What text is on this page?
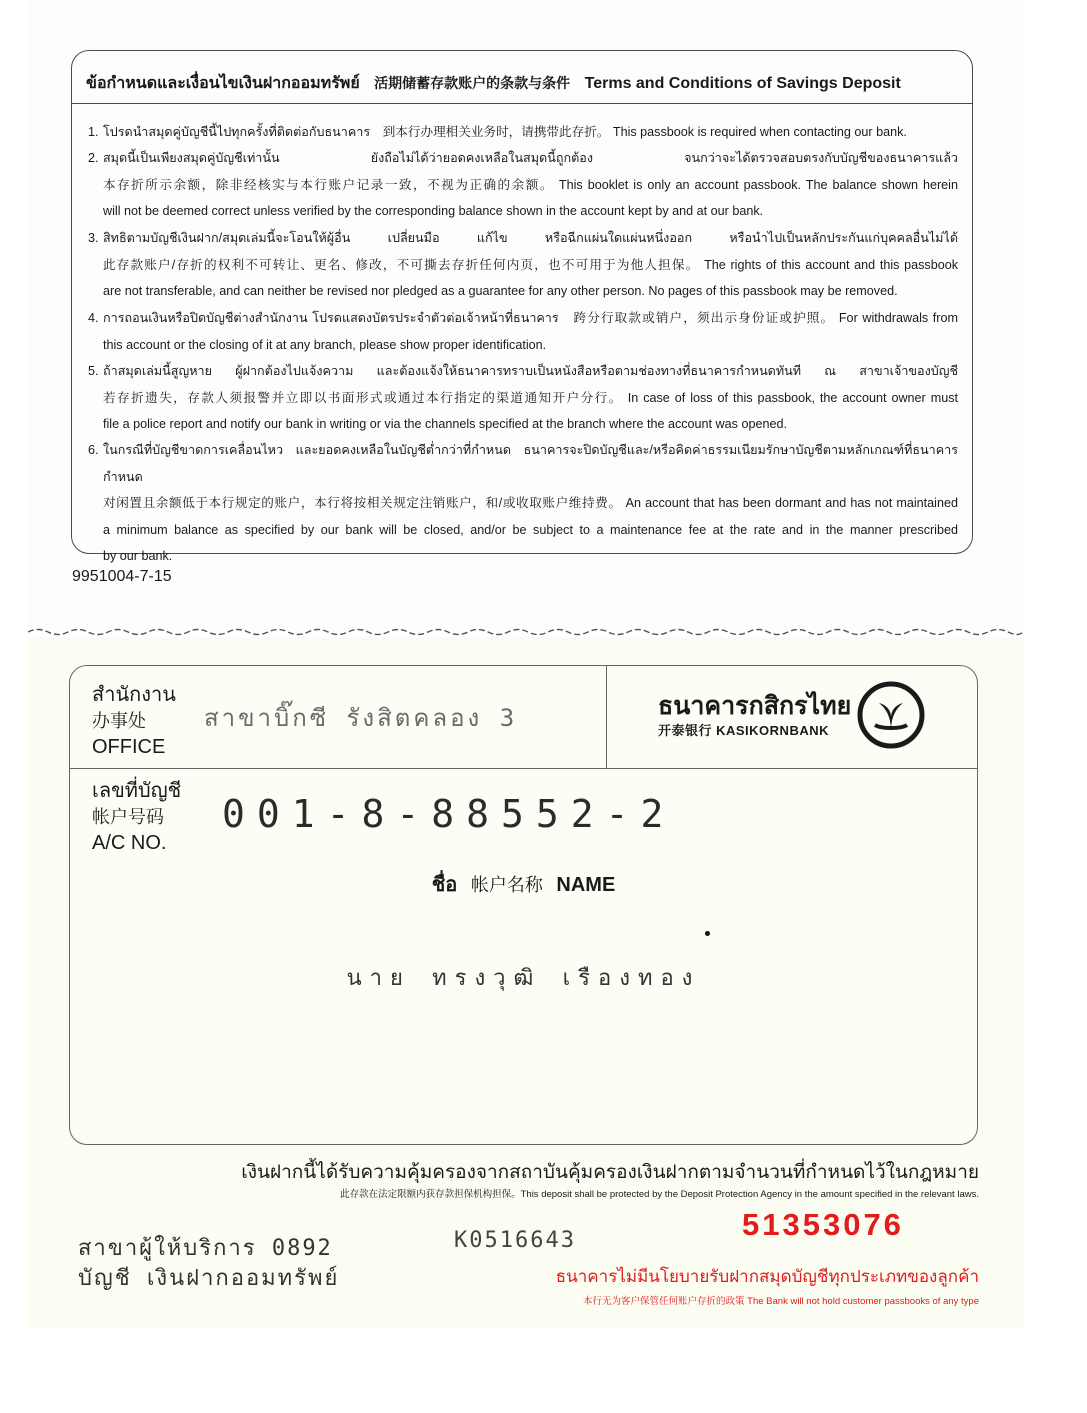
ข้อกำหนดและเงื่อนไขเงินฝากออมทรัพย์ 活期储蓄存款账户的条款与条件 Terms and Conditions of Savings Deposit
1. โปรดนำสมุดคู่บัญชีนี้ไปทุกครั้งที่ติดต่อกับธนาคาร　到本行办理相关业务时，请携带此存折。 This passbook is required when contacting our bank.
2. สมุดนี้เป็นเพียงสมุดคู่บัญชีเท่านั้น ยังถือไม่ได้ว่ายอดคงเหลือในสมุดนี้ถูกต้อง จนกว่าจะได้ตรวจสอบตรงกับบัญชีของธนาคารแล้ว
本存折所示余额，除非经核实与本行账户记录一致，不视为正确的余额。 This booklet is only an account passbook. The balance shown herein
will not be deemed correct unless verified by the corresponding balance shown in the account kept by and at our bank.
3. สิทธิตามบัญชีเงินฝาก/สมุดเล่มนี้จะโอนให้ผู้อื่น เปลี่ยนมือ แก้ไข หรือฉีกแผ่นใดแผ่นหนึ่งออก หรือนำไปเป็นหลักประกันแก่บุคคลอื่นไม่ได้
此存款账户/存折的权利不可转让、更名、修改，不可撕去存折任何内页，也不可用于为他人担保。 The rights of this account and this passbook
are not transferable, and can neither be revised nor pledged as a guarantee for any other person. No pages of this passbook may be removed.
4. การถอนเงินหรือปิดบัญชีต่างสำนักงาน โปรดแสดงบัตรประจำตัวต่อเจ้าหน้าที่ธนาคาร　跨分行取款或销户，须出示身份证或护照。 For withdrawals from
this account or the closing of it at any branch, please show proper identification.
5. ถ้าสมุดเล่มนี้สูญหาย ผู้ฝากต้องไปแจ้งความ และต้องแจ้งให้ธนาคารทราบเป็นหนังสือหรือตามช่องทางที่ธนาคารกำหนดทันที ณ สาขาเจ้าของบัญชี
若存折遗失，存款人须报警并立即以书面形式或通过本行指定的渠道通知开户分行。 In case of loss of this passbook, the account owner must
file a police report and notify our bank in writing or via the channels specified at the branch where the account was opened.
6. ในกรณีที่บัญชีขาดการเคลื่อนไหว และยอดคงเหลือในบัญชีต่ำกว่าที่กำหนด ธนาคารจะปิดบัญชีและ/หรือคิดค่าธรรมเนียมรักษาบัญชีตามหลักเกณฑ์ที่ธนาคารกำหนด
对闲置且余额低于本行规定的账户，本行将按相关规定注销账户，和/或收取账户维持费。 An account that has been dormant and has not maintained
a minimum balance as specified by our bank will be closed, and/or be subject to a maintenance fee at the rate and in the manner prescribed
by our bank.
9951004-7-15
สำนักงาน
办事处
OFFICE
สาขาบิ๊กซี รังสิตคลอง 3	ธนาคารกสิกรไทย
开泰银行 KASIKORNBANK
เลขที่บัญชี
帐户号码
A/C NO.
001-8-88552-2
ชื่อ 帐户名称 NAME
นาย ทรงวุฒิ เรืองทอง
เงินฝากนี้ได้รับความคุ้มครองจากสถาบันคุ้มครองเงินฝากตามจำนวนที่กำหนดไว้ในกฎหมาย
此存款在法定限额内获存款担保机构担保。This deposit shall be protected by the Deposit Protection Agency in the amount specified in the relevant laws.
สาขาผู้ให้บริการ 0892
บัญชี เงินฝากออมทรัพย์
K0516643	51353076
ธนาคารไม่มีนโยบายรับฝากสมุดบัญชีทุกประเภทของลูกค้า
本行无为客户保管任何账户存折的政策 The Bank will not hold customer passbooks of any type
